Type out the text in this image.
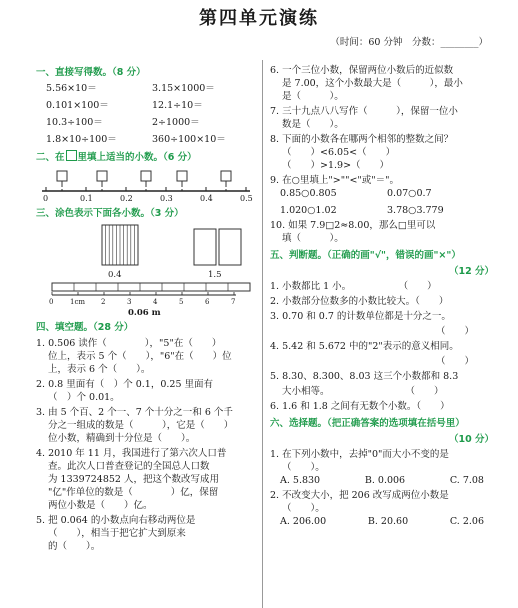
第四单元演练
（时间：60 分钟　分数：________）
一、直接写得数。（8 分）
5.56×10＝	3.15×1000＝
0.101×100＝	12.1÷10＝
10.3÷100＝	2÷1000＝
1.8×10÷100＝	360÷100×10＝
二、在 里填上适当的小数。（6 分）
0	0.1	0.2	0.3	0.4	0.5
三、涂色表示下面各小数。（3 分）
0.4	1.5
0 1cm 2	3	4	5	6	7
0.06 m
四、填空题。（28 分）
1. 0.506 读作（　　　　），"5"在（　　）
位上，表示 5 个（　　），"6"在（　　）位
上，表示 6 个（　　）。
2. 0.8 里面有（　）个 0.1，0.25 里面有
（　）个 0.01。
3. 由 5 个百、2 个一、7 个十分之一和 6 个千
分之一组成的数是（　　　），它是（　　）
位小数，精确到十分位是（　　）。
4. 2010 年 11 月，我国进行了第六次人口普
查。此次人口普查登记的全国总人口数
为 1339724852 人，把这个数改写成用
"亿"作单位的数是（　　　　）亿，保留
两位小数是（　　）亿。
5. 把 0.064 的小数点向右移动两位是
（　　），相当于把它扩大到原来
的（　　）。
6. 一个三位小数，保留两位小数后的近似数
是 7.00，这个小数最大是（　　　），最小
是（　　　）。
7. 三十九点八八写作（　　　），保留一位小
数是（　　）。
8. 下面的小数各在哪两个相邻的整数之间？
（　　）<6.05<（　　）
（　　）>1.9>（　　）
9. 在○里填上">""<"或"＝"。
0.85○0.805	0.07○0.7
1.020○1.02	3.78○3.779
10. 如果 7.9□2≈8.00，那么□里可以
填（　　　）。
五、判断题。（正确的画"√"，错误的画"×"）
（12 分）
1. 小数都比 1 小。　　　　　　（　　）
2. 小数部分位数多的小数比较大。（　　）
3. 0.70 和 0.7 的计数单位都是十分之一。
（　　）
4. 5.42 和 5.672 中的"2"表示的意义相同。
（　　）
5. 8.30、8.300、8.03 这三个小数都和 8.3
大小相等。　　　　　　　　　（　　）
6. 1.6 和 1.8 之间有无数个小数。（　　）
六、选择题。（把正确答案的选项填在括号里）
（10 分）
1. 在下列小数中，去掉"0"而大小不变的是
（　　）。
A. 5.830	B. 0.006	C. 7.08
2. 不改变大小，把 206 改写成两位小数是
（　　）。
A. 206.00	B. 20.60	C. 2.06
